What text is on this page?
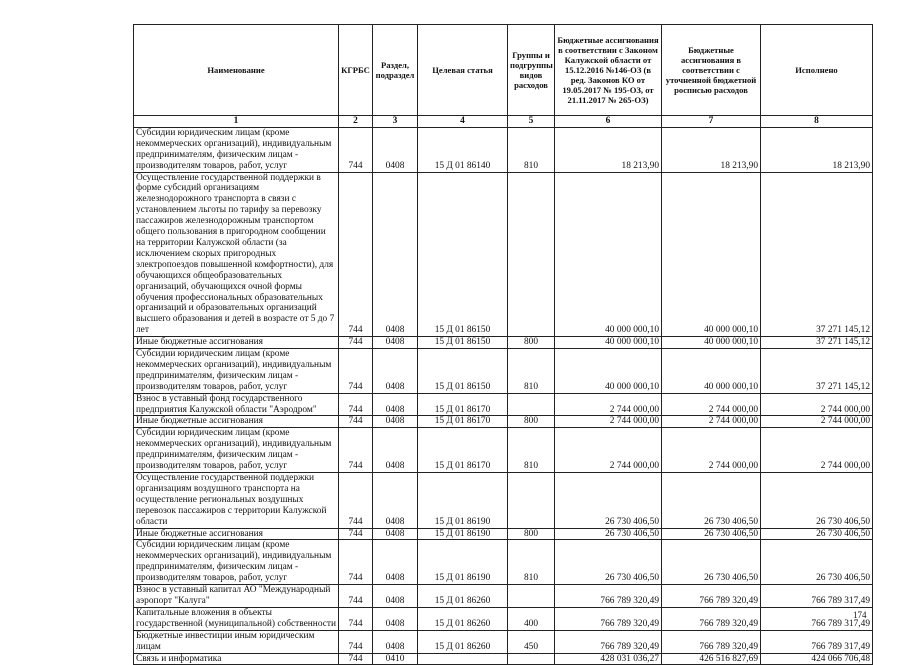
Наименование	КГРБС	Раздел, подраздел	Целевая статья	Группы и подгруппы видов расходов	Бюджетные ассигнования в соответствии с Законом Калужской области от 15.12.2016 №146-ОЗ (в ред. Законов КО от 19.05.2017 № 195-ОЗ, от 21.11.2017 № 265-ОЗ)	Бюджетные ассигнования в соответствии с уточненной бюджетной росписью расходов	Исполнено
1	2	3	4	5	6	7	8
Субсидии юридическим лицам (кроме некоммерческих организаций), индивидуальным предпринимателям, физическим лицам - производителям товаров, работ, услуг	744	0408	15 Д 01 86140	810	18 213,90	18 213,90	18 213,90
Осуществление государственной поддержки в форме субсидий организациям железнодорожного транспорта в связи с установлением льготы по тарифу за перевозку пассажиров железнодорожным транспортом общего пользования в пригородном сообщении на территории Калужской области (за исключением скорых пригородных электропоездов повышенной комфортности), для обучающихся общеобразовательных организаций, обучающихся очной формы обучения профессиональных образовательных организаций и образовательных организаций высшего образования и детей в возрасте от 5 до 7 лет	744	0408	15 Д 01 86150		40 000 000,10	40 000 000,10	37 271 145,12
Иные бюджетные ассигнования	744	0408	15 Д 01 86150	800	40 000 000,10	40 000 000,10	37 271 145,12
Субсидии юридическим лицам (кроме некоммерческих организаций), индивидуальным предпринимателям, физическим лицам - производителям товаров, работ, услуг	744	0408	15 Д 01 86150	810	40 000 000,10	40 000 000,10	37 271 145,12
Взнос в уставный фонд государственного предприятия Калужской области "Аэродром"	744	0408	15 Д 01 86170		2 744 000,00	2 744 000,00	2 744 000,00
Иные бюджетные ассигнования	744	0408	15 Д 01 86170	800	2 744 000,00	2 744 000,00	2 744 000,00
Субсидии юридическим лицам (кроме некоммерческих организаций), индивидуальным предпринимателям, физическим лицам - производителям товаров, работ, услуг	744	0408	15 Д 01 86170	810	2 744 000,00	2 744 000,00	2 744 000,00
Осуществление государственной поддержки организациям воздушного транспорта на осуществление региональных воздушных перевозок пассажиров с территории Калужской области	744	0408	15 Д 01 86190		26 730 406,50	26 730 406,50	26 730 406,50
Иные бюджетные ассигнования	744	0408	15 Д 01 86190	800	26 730 406,50	26 730 406,50	26 730 406,50
Субсидии юридическим лицам (кроме некоммерческих организаций), индивидуальным предпринимателям, физическим лицам - производителям товаров, работ, услуг	744	0408	15 Д 01 86190	810	26 730 406,50	26 730 406,50	26 730 406,50
Взнос в уставный капитал АО "Международный аэропорт "Калуга"	744	0408	15 Д 01 86260		766 789 320,49	766 789 320,49	766 789 317,49
Капитальные вложения в объекты государственной (муниципальной) собственности	744	0408	15 Д 01 86260	400	766 789 320,49	766 789 320,49	766 789 317,49
Бюджетные инвестиции иным юридическим лицам	744	0408	15 Д 01 86260	450	766 789 320,49	766 789 320,49	766 789 317,49
Связь и информатика	744	0410			428 031 036,27	426 516 827,69	424 066 706,48
174
